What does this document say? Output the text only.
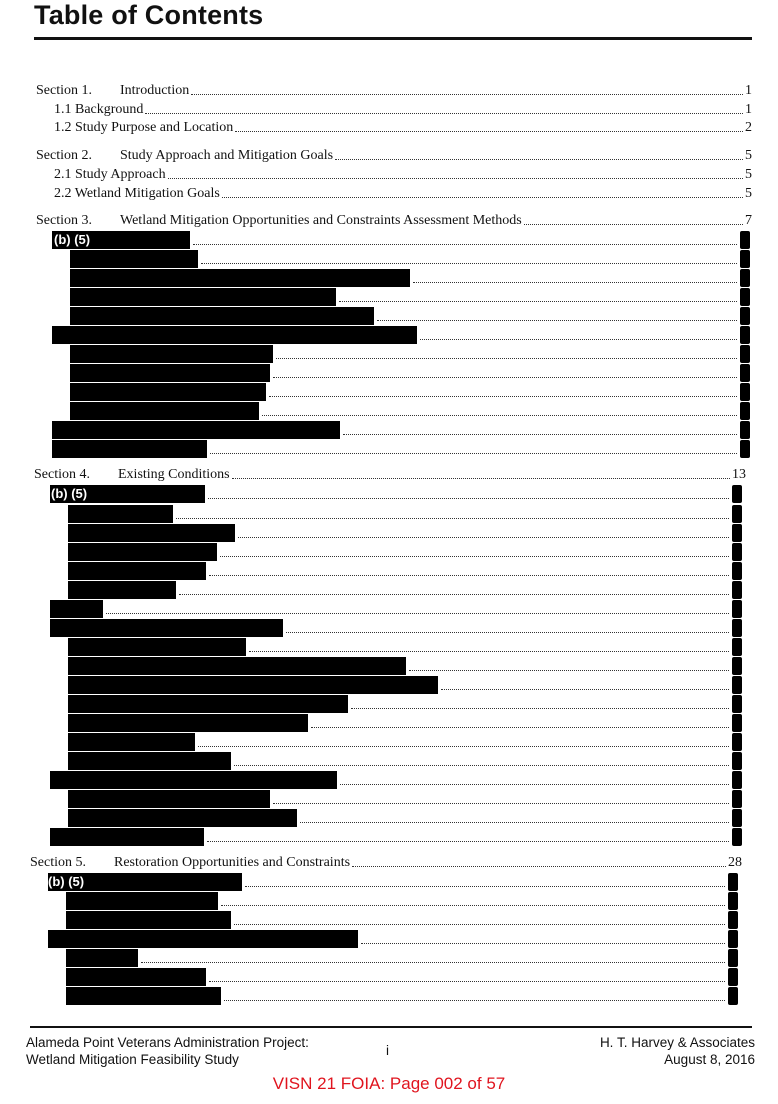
Table of Contents
Section 1.	Introduction	1
1.1 Background	1
1.2 Study Purpose and Location	2
Section 2.	Study Approach and Mitigation Goals	5
2.1 Study Approach	5
2.2 Wetland Mitigation Goals	5
Section 3.	Wetland Mitigation Opportunities and Constraints Assessment Methods	7
(b) (5)
Section 4.	Existing Conditions	13
(b) (5)
Section 5.	Restoration Opportunities and Constraints	28
(b) (5)
Alameda Point Veterans Administration Project:
Wetland Mitigation Feasibility Study
i
H. T. Harvey & Associates
August 8, 2016
VISN 21 FOIA: Page 002 of 57
